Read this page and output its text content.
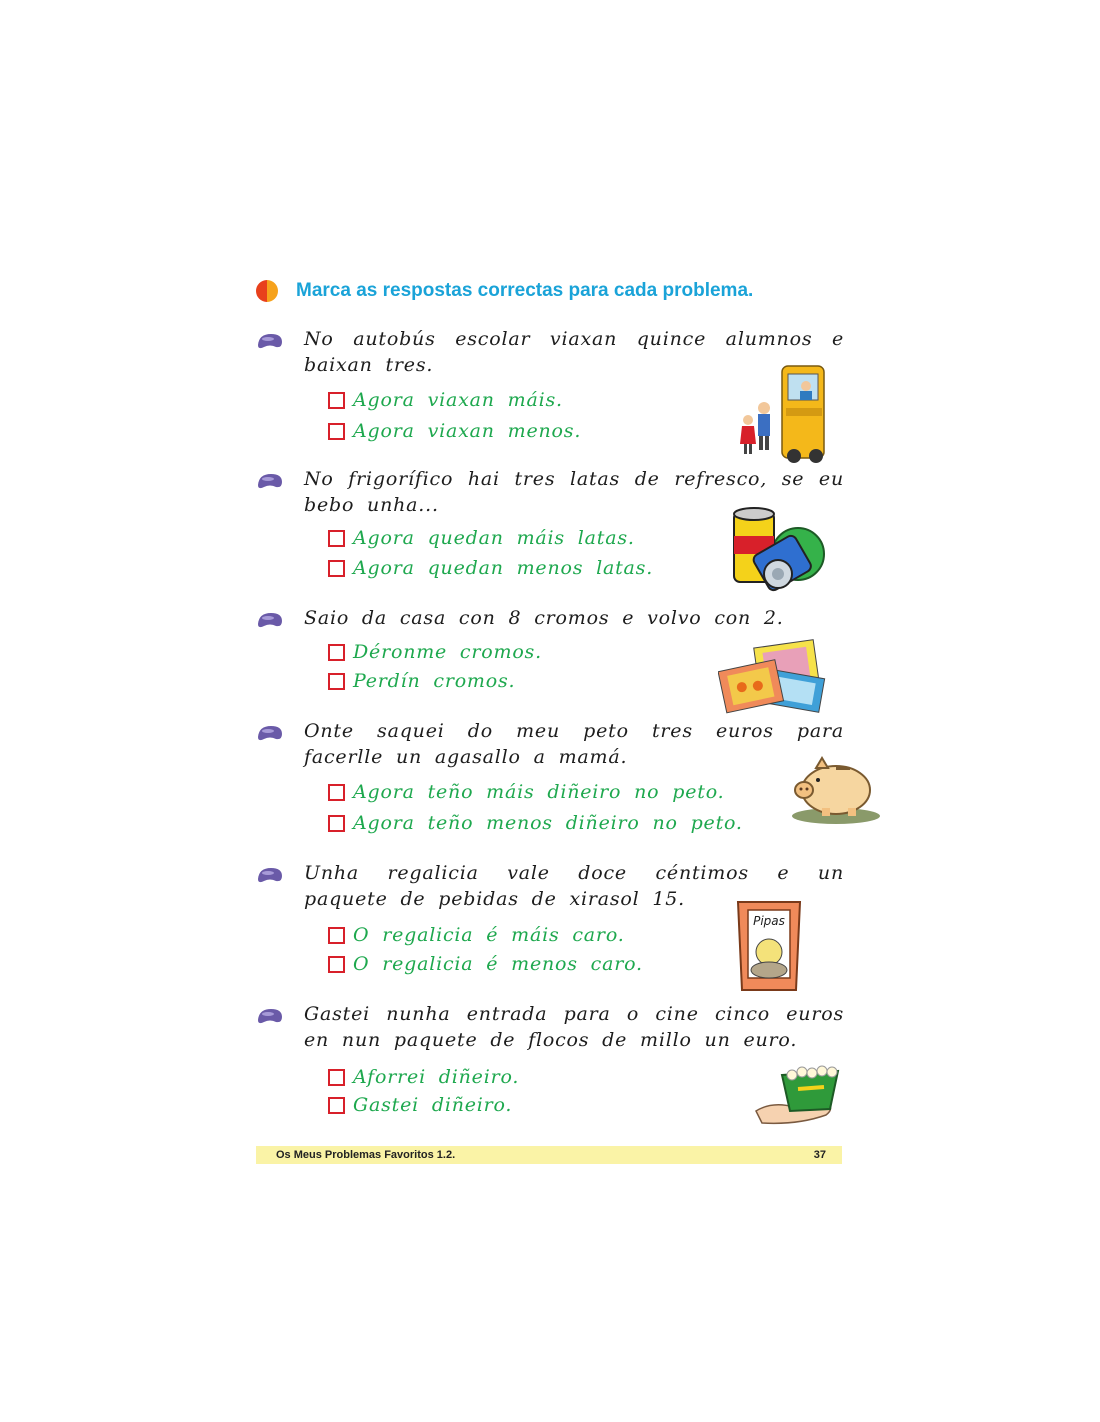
Marca as respostas correctas para cada problema.
No autobús escolar viaxan quince alumnos e baixan tres.
Agora viaxan máis.
Agora viaxan menos.
No frigorífico hai tres latas de refresco, se eu bebo unha...
Agora quedan máis latas.
Agora quedan menos latas.
Saio da casa con 8 cromos e volvo con 2.
Déronme cromos.
Perdín cromos.
Onte saquei do meu peto tres euros para facerlle un agasallo a mamá.
Agora teño máis diñeiro no peto.
Agora teño menos diñeiro no peto.
Unha regalicia vale doce céntimos e un paquete de pebidas de xirasol 15.
O regalicia é máis caro.
O regalicia é menos caro.
Pipas
Gastei nunha entrada para o cine cinco euros en nun paquete de flocos de millo un euro.
Aforrei diñeiro.
Gastei diñeiro.
Os Meus Problemas Favoritos 1.2.	37
